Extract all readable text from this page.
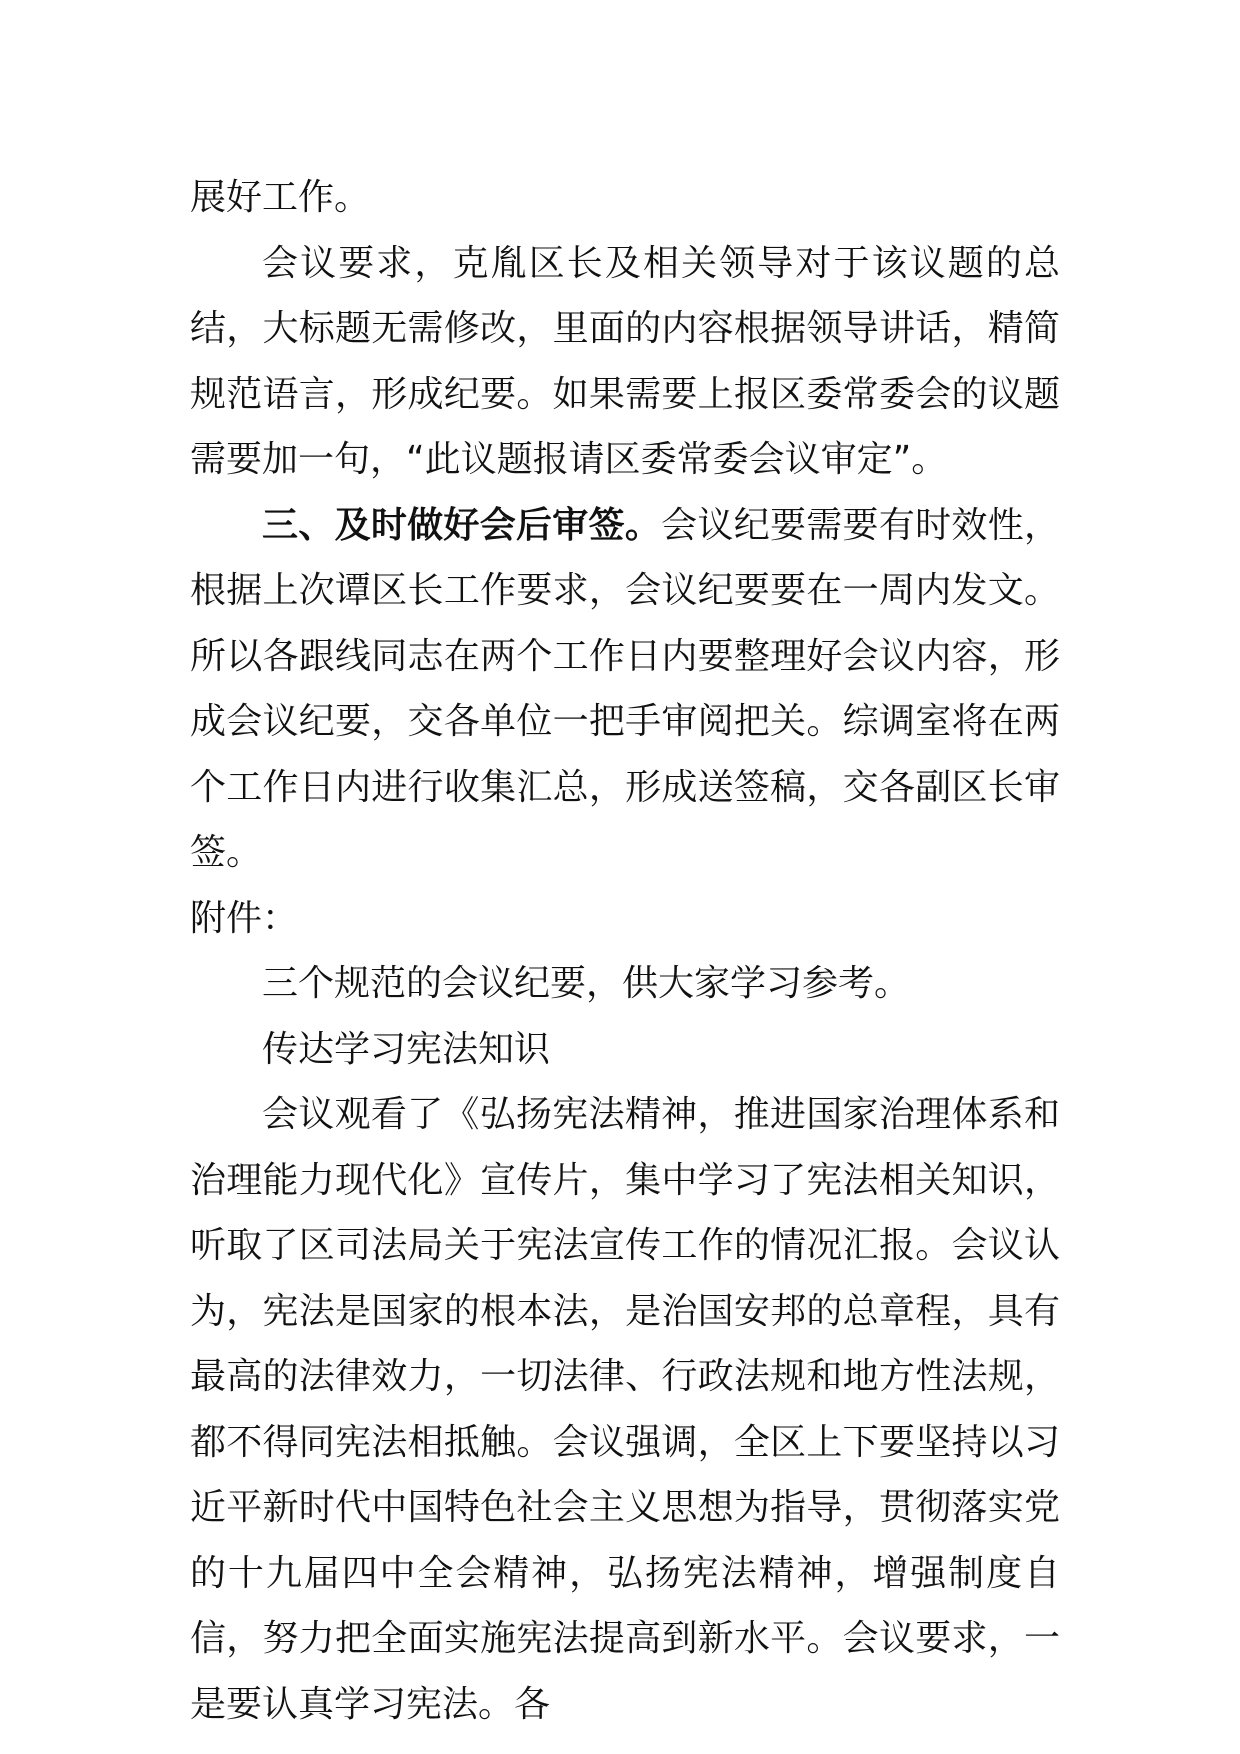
展好工作。

会议要求，克胤区长及相关领导对于该议题的总结，大标题无需修改，里面的内容根据领导讲话，精简规范语言，形成纪要。如果需要上报区委常委会的议题需要加一句，“此议题报请区委常委会议审定”。

三、及时做好会后审签。会议纪要需要有时效性，根据上次谭区长工作要求，会议纪要要在一周内发文。所以各跟线同志在两个工作日内要整理好会议内容，形成会议纪要，交各单位一把手审阅把关。综调室将在两个工作日内进行收集汇总，形成送签稿，交各副区长审签。

附件：

三个规范的会议纪要，供大家学习参考。

传达学习宪法知识

会议观看了《弘扬宪法精神，推进国家治理体系和治理能力现代化》宣传片，集中学习了宪法相关知识，听取了区司法局关于宪法宣传工作的情况汇报。会议认为，宪法是国家的根本法，是治国安邦的总章程，具有最高的法律效力，一切法律、行政法规和地方性法规，都不得同宪法相抵触。会议强调，全区上下要坚持以习近平新时代中国特色社会主义思想为指导，贯彻落实党的十九届四中全会精神，弘扬宪法精神，增强制度自信，努力把全面实施宪法提高到新水平。会议要求，一是要认真学习宪法。各
